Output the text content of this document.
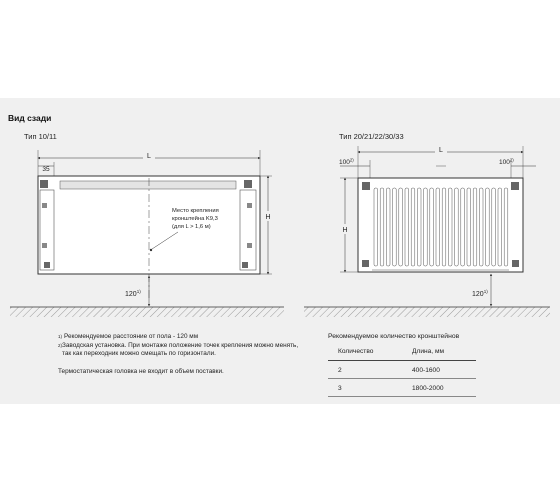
Вид сзади
Тип 10/11
L
35
H
Место крепления кронштейна K9,3 (для L > 1,6 м)
120$^{1)}$
Тип 20/21/22/30/33
L
100$^{2)}$	100$^{2)}$
H
120$^{1)}$
1) Рекомендуемое расстояние от пола - 120 мм
2) Заводская установка. При монтаже положение точек крепления можно менять, так как переходник можно смещать по горизонтали.
Термостатическая головка не входит в объем поставки.
Рекомендуемое количество кронштейнов
Количество	Длина, мм
2	400-1600
3	1800-2000
